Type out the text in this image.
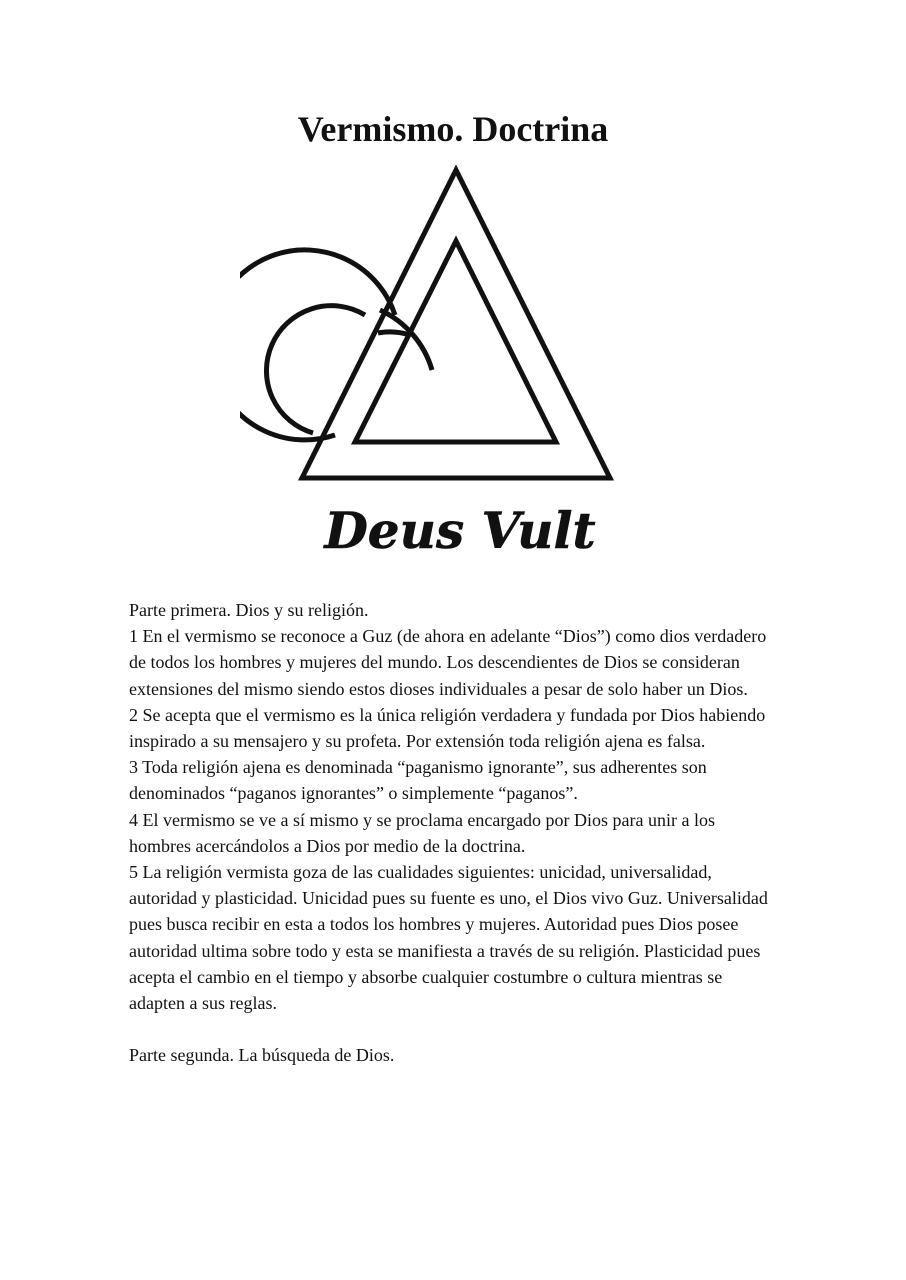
Vermismo. Doctrina
Deus Vult

Parte primera. Dios y su religión.

1 En el vermismo se reconoce a Guz (de ahora en adelante “Dios”) como dios verdadero de todos los hombres y mujeres del mundo. Los descendientes de Dios se consideran extensiones del mismo siendo estos dioses individuales a pesar de solo haber un Dios.

2 Se acepta que el vermismo es la única religión verdadera y fundada por Dios habiendo inspirado a su mensajero y su profeta. Por extensión toda religión ajena es falsa.

3 Toda religión ajena es denominada “paganismo ignorante”, sus adherentes son denominados “paganos ignorantes” o simplemente “paganos”.

4 El vermismo se ve a sí mismo y se proclama encargado por Dios para unir a los hombres acercándolos a Dios por medio de la doctrina.

5 La religión vermista goza de las cualidades siguientes: unicidad, universalidad, autoridad y plasticidad. Unicidad pues su fuente es uno, el Dios vivo Guz. Universalidad pues busca recibir en esta a todos los hombres y mujeres. Autoridad pues Dios posee autoridad ultima sobre todo y esta se manifiesta a través de su religión. Plasticidad pues acepta el cambio en el tiempo y absorbe cualquier costumbre o cultura mientras se adapten a sus reglas.

Parte segunda. La búsqueda de Dios.
